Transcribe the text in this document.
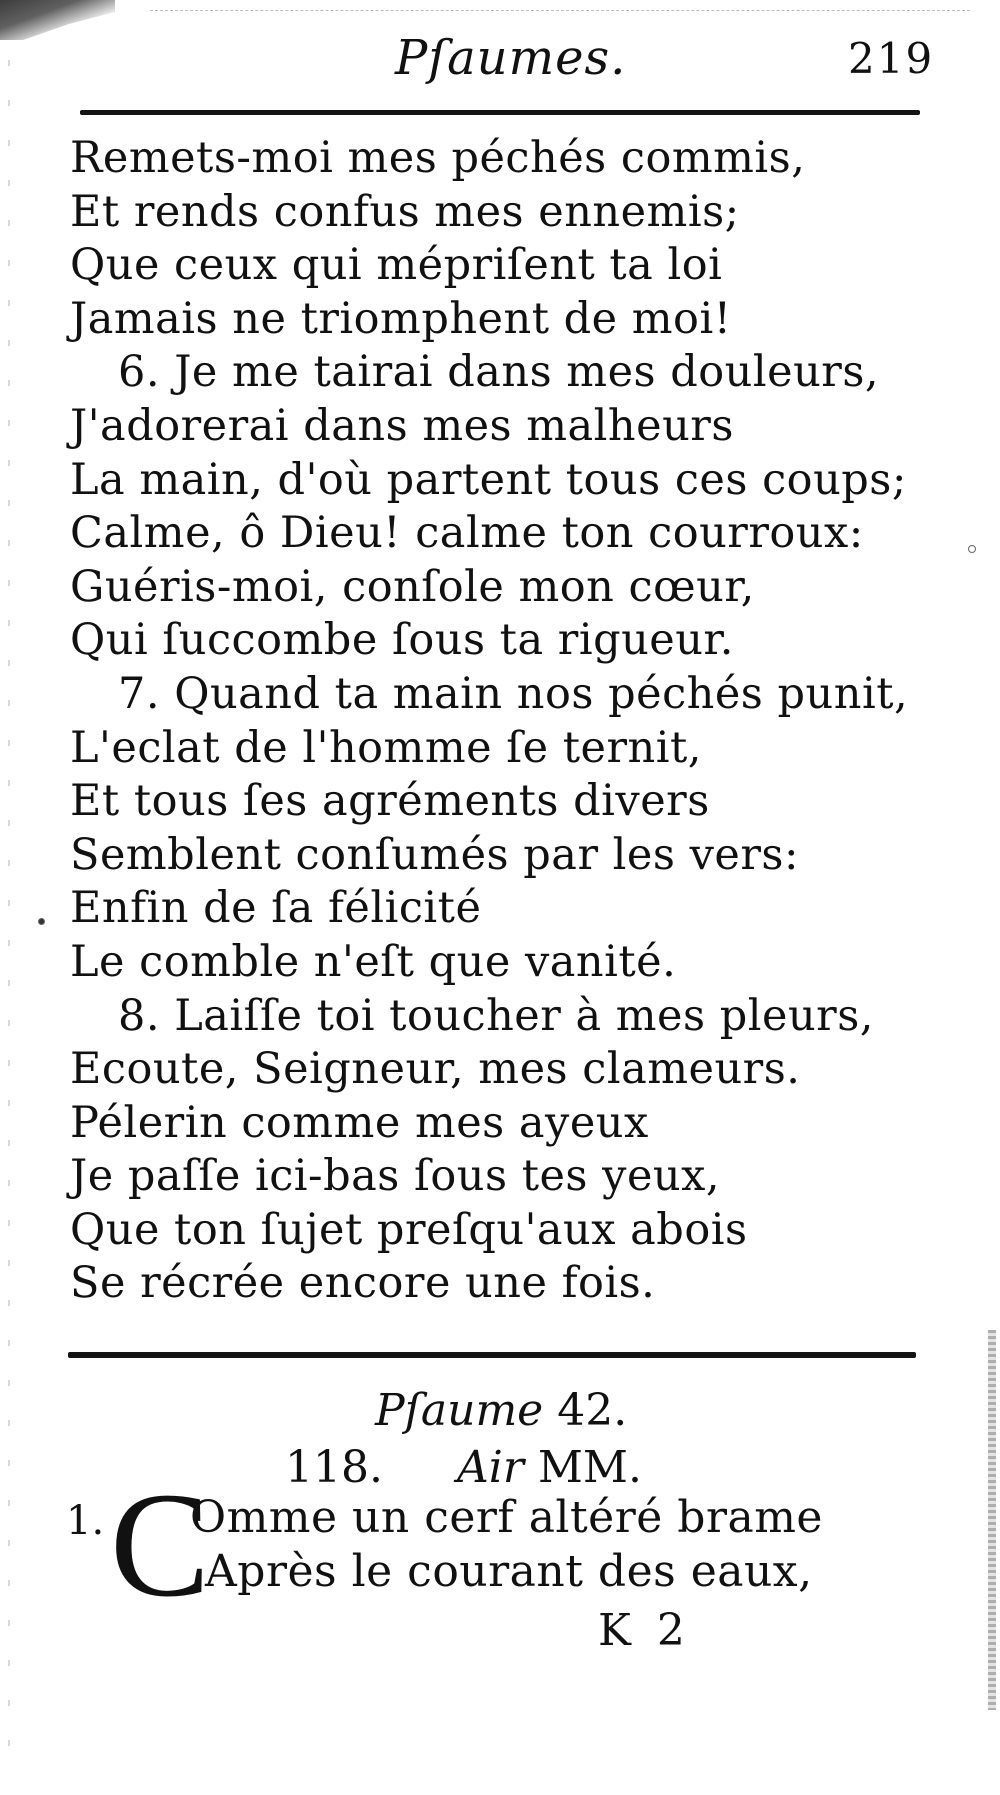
Pſaumes.	219
Remets-moi mes péchés commis,
Et rends confus mes ennemis;
Que ceux qui mépriſent ta loi
Jamais ne triomphent de moi!
6. Je me tairai dans mes douleurs,
J'adorerai dans mes malheurs
La main, d'où partent tous ces coups;
Calme, ô Dieu! calme ton courroux:
Guéris-moi, conſole mon cœur,
Qui ſuccombe ſous ta rigueur.
7. Quand ta main nos péchés punit,
L'eclat de l'homme ſe ternit,
Et tous ſes agréments divers
Semblent conſumés par les vers:
Enfin de ſa félicité
Le comble n'eſt que vanité.
8. Laiſſe toi toucher à mes pleurs,
Ecoute, Seigneur, mes clameurs.
Pélerin comme mes ayeux
Je paſſe ici-bas ſous tes yeux,
Que ton ſujet preſqu'aux abois
Se récrée encore une fois.
Pſaume 42.
118. Air MM.
1. C
Omme un cerf altéré brame
Après le courant des eaux,
K 2
